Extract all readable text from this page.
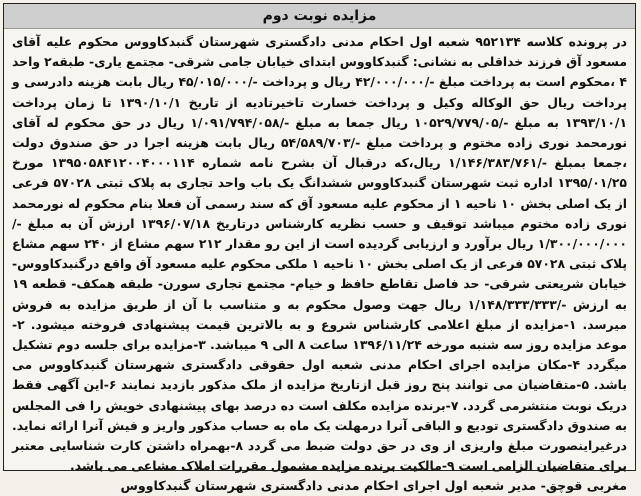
مزایده نوبت دوم
در پرونده کلاسه ۹۵۲۱۳۴ شعبه اول احکام مدنی دادگستری شهرستان گنبدکاووس محکوم علیه آقای مسعود آق فرزند خداقلی به نشانی: گنبدکاووس ابتدای خیابان جامی شرقی- مجتمع یاری- طبقه۲ واحد ۴ ،محکوم است به پرداخت مبلغ -/۴۲/۰۰۰/۰۰۰ ریال و پرداخت -/۴۵/۰۱۵/۰۰۰ ریال بابت هزینه دادرسی و پرداخت ریال حق الوکاله وکیل و پرداخت خسارت تاخیرتادیه از تاریخ ۱۳۹۰/۱۰/۱ تا زمان پرداخت ۱۳۹۳/۱۰/۱ به مبلغ -/۱۰۵۲۹/۷۷۹/۰۵ ریال جمعا به مبلغ -/۱/۰۹۱/۷۹۴/۰۵۸ ریال در حق محکوم له آقای نورمحمد نوری زاده مختوم و پرداخت مبلغ -/۵۴/۵۸۹/۷۰۳ ریال بابت هزینه اجرا در حق صندوق دولت ،جمعا بمبلغ -/۱/۱۴۶/۳۸۳/۷۶۱ ریال،که درقبال آن بشرح نامه شماره ۱۳۹۵۰۵۸۴۱۲۰۰۴۰۰۰۱۱۴ مورخ ۱۳۹۵/۰۱/۲۵ اداره ثبت شهرستان گنبدکاووس ششدانگ یک باب واحد تجاری به پلاک ثبتی ۵۷۰۲۸ فرعی از یک اصلی بخش ۱۰ ناحیه ۱ از محکوم علیه مسعود آق که سند رسمی آن فعلا بنام محکوم له نورمحمد نوری زاده مختوم میباشد توقیف و حسب نظریه کارشناس درتاریخ ۱۳۹۶/۰۷/۱۸ ارزش آن به مبلغ -/۱/۳۰۰/۰۰۰/۰۰۰ ریال برآورد و ارزیابی گردیده است از این رو مقدار ۲۱۲ سهم مشاع از ۲۴۰ سهم مشاع پلاک ثبتی ۵۷۰۲۸ فرعی از یک اصلی بخش ۱۰ ناحیه ۱ ملکی محکوم علیه مسعود آق واقع درگنبدکاووس- خیابان شریعتی شرقی- حد فاصل تقاطع حافظ و خیام- مجتمع تجاری سورن- طبقه همکف- قطعه ۱۹ به ارزش -/۱/۱۴۸/۳۳۳/۳۳۳ ریال جهت وصول محکوم به و متناسب با آن از طریق مزایده به فروش میرسد. ۱-مزایده از مبلغ اعلامی کارشناس شروع و به بالاترین قیمت پیشنهادی فروخته میشود. ۲-موعد مزایده روز سه شنبه مورخه ۱۳۹۶/۱۱/۲۴ ساعت ۸ الی ۹ میباشد. ۳-مزایده برای جلسه دوم تشکیل میگردد ۴-مکان مزایده اجرای احکام مدنی شعبه اول حقوقی دادگستری شهرستان گنبدکاووس می باشد. ۵-متقاضیان می توانند پنج روز قبل ازتاریخ مزایده از ملک مذکور بازدید نمایند ۶-این آگهی فقط دریک نوبت منتشرمی گردد. ۷-برنده مزایده مکلف است ده درصد بهای پیشنهادی خویش را فی المجلس به صندوق دادگستری تودیع و الباقی آنرا درمهلت یک ماه به حساب مذکور واریز و فیش آنرا ارائه نماید. درغیراینصورت مبلغ واریزی از وی در حق دولت ضبط می گردد ۸-بهمراه داشتن کارت شناسایی معتبر برای متقاضیان الزامی است ۹-مالکیت برنده مزایده مشمول مقررات املاک مشاعی می باشد.
مغربی قوچق- مدیر شعبه اول اجرای احکام مدنی دادگستری شهرستان گنبدکاووس
